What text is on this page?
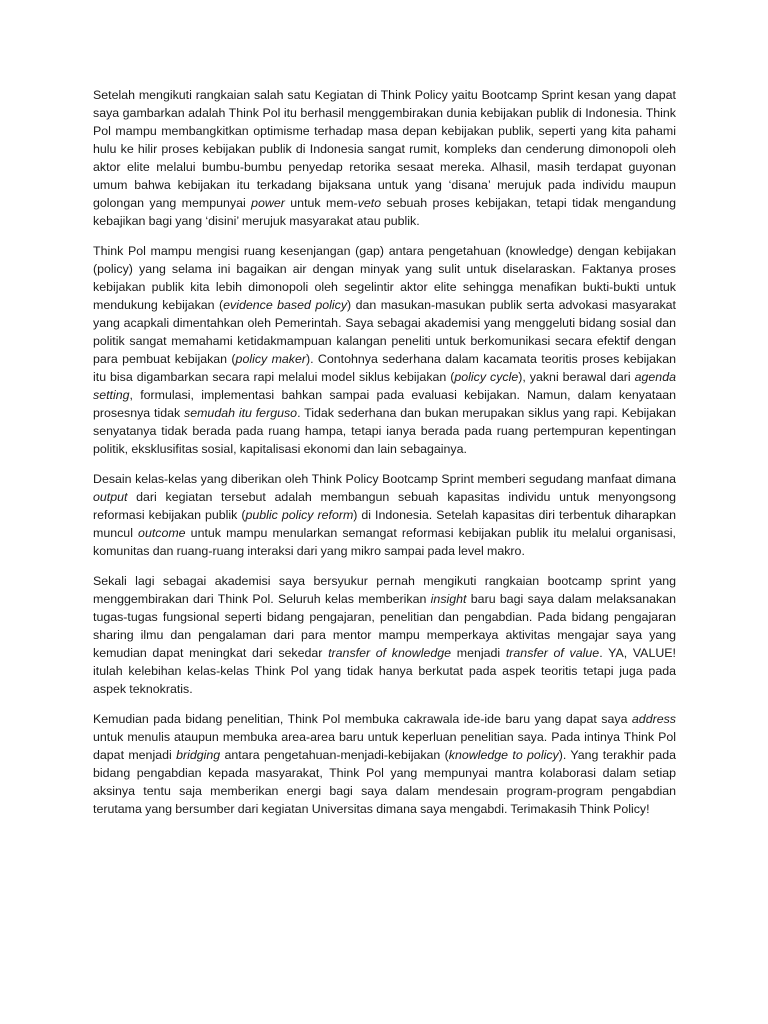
Setelah mengikuti rangkaian salah satu Kegiatan di Think Policy yaitu Bootcamp Sprint kesan yang dapat saya gambarkan adalah Think Pol itu berhasil menggembirakan dunia kebijakan publik di Indonesia. Think Pol mampu membangkitkan optimisme terhadap masa depan kebijakan publik, seperti yang kita pahami hulu ke hilir proses kebijakan publik di Indonesia sangat rumit, kompleks dan cenderung dimonopoli oleh aktor elite melalui bumbu-bumbu penyedap retorika sesaat mereka. Alhasil, masih terdapat guyonan umum bahwa kebijakan itu terkadang bijaksana untuk yang ‘disana’ merujuk pada individu maupun golongan yang mempunyai power untuk mem-veto sebuah proses kebijakan, tetapi tidak mengandung kebajikan bagi yang ‘disini’ merujuk masyarakat atau publik.

Think Pol mampu mengisi ruang kesenjangan (gap) antara pengetahuan (knowledge) dengan kebijakan (policy) yang selama ini bagaikan air dengan minyak yang sulit untuk diselaraskan. Faktanya proses kebijakan publik kita lebih dimonopoli oleh segelintir aktor elite sehingga menafikan bukti-bukti untuk mendukung kebijakan (evidence based policy) dan masukan-masukan publik serta advokasi masyarakat yang acapkali dimentahkan oleh Pemerintah. Saya sebagai akademisi yang menggeluti bidang sosial dan politik sangat memahami ketidakmampuan kalangan peneliti untuk berkomunikasi secara efektif dengan para pembuat kebijakan (policy maker). Contohnya sederhana dalam kacamata teoritis proses kebijakan itu bisa digambarkan secara rapi melalui model siklus kebijakan (policy cycle), yakni berawal dari agenda setting, formulasi, implementasi bahkan sampai pada evaluasi kebijakan. Namun, dalam kenyataan prosesnya tidak semudah itu ferguso. Tidak sederhana dan bukan merupakan siklus yang rapi. Kebijakan senyatanya tidak berada pada ruang hampa, tetapi ianya berada pada ruang pertempuran kepentingan politik, eksklusifitas sosial, kapitalisasi ekonomi dan lain sebagainya.

Desain kelas-kelas yang diberikan oleh Think Policy Bootcamp Sprint memberi segudang manfaat dimana output dari kegiatan tersebut adalah membangun sebuah kapasitas individu untuk menyongsong reformasi kebijakan publik (public policy reform) di Indonesia. Setelah kapasitas diri terbentuk diharapkan muncul outcome untuk mampu menularkan semangat reformasi kebijakan publik itu melalui organisasi, komunitas dan ruang-ruang interaksi dari yang mikro sampai pada level makro.

Sekali lagi sebagai akademisi saya bersyukur pernah mengikuti rangkaian bootcamp sprint yang menggembirakan dari Think Pol. Seluruh kelas memberikan insight baru bagi saya dalam melaksanakan tugas-tugas fungsional seperti bidang pengajaran, penelitian dan pengabdian. Pada bidang pengajaran sharing ilmu dan pengalaman dari para mentor mampu memperkaya aktivitas mengajar saya yang kemudian dapat meningkat dari sekedar transfer of knowledge menjadi transfer of value. YA, VALUE! itulah kelebihan kelas-kelas Think Pol yang tidak hanya berkutat pada aspek teoritis tetapi juga pada aspek teknokratis.

Kemudian pada bidang penelitian, Think Pol membuka cakrawala ide-ide baru yang dapat saya address untuk menulis ataupun membuka area-area baru untuk keperluan penelitian saya. Pada intinya Think Pol dapat menjadi bridging antara pengetahuan-menjadi-kebijakan (knowledge to policy). Yang terakhir pada bidang pengabdian kepada masyarakat, Think Pol yang mempunyai mantra kolaborasi dalam setiap aksinya tentu saja memberikan energi bagi saya dalam mendesain program-program pengabdian terutama yang bersumber dari kegiatan Universitas dimana saya mengabdi. Terimakasih Think Policy!
